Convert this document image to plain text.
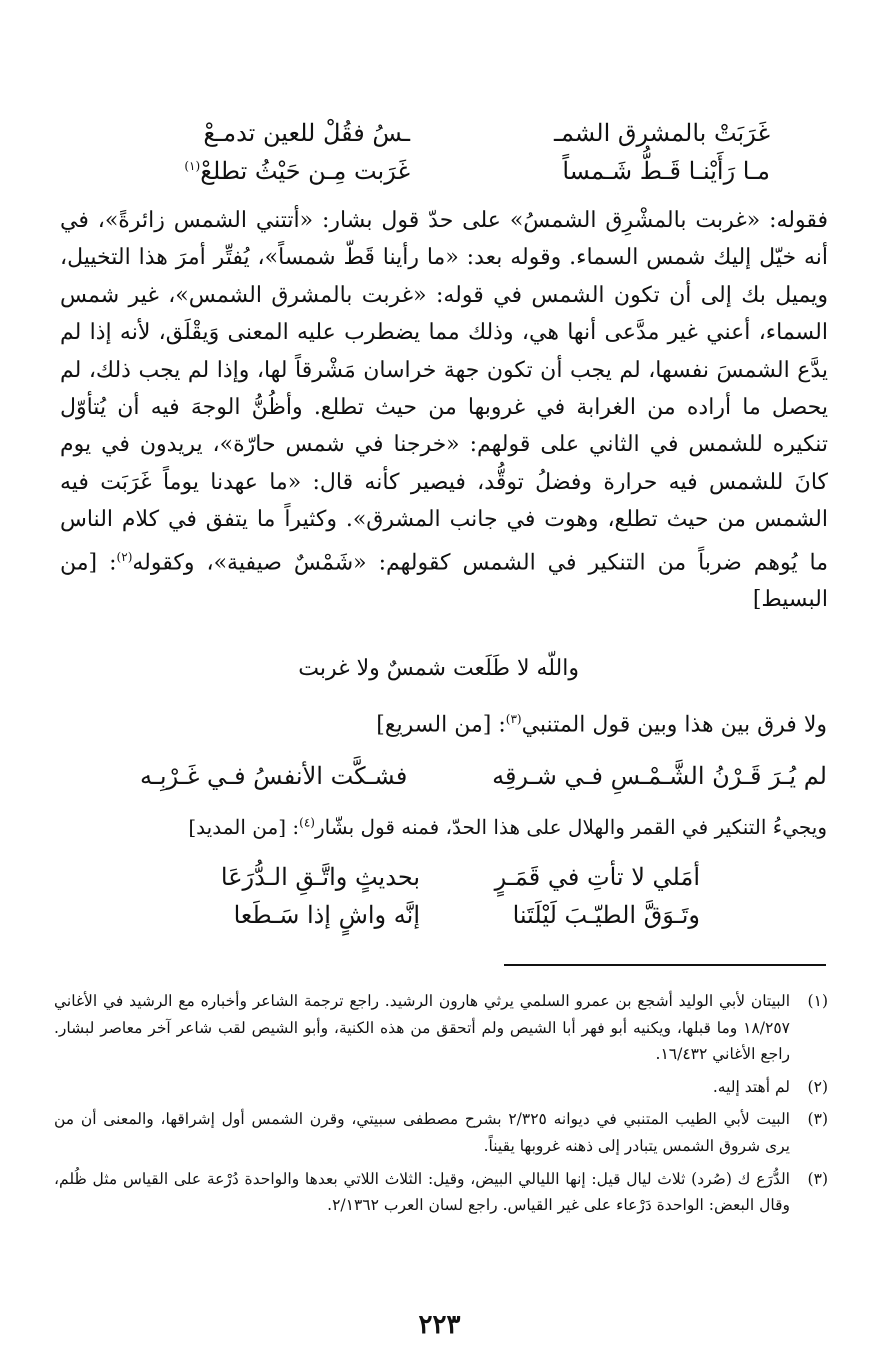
غَرَبَتْ بالمشرق الشمـ
ـسُ فقُلْ للعين تدمـعْ
مـا رَأَيْنـا قَـطُّ شَـمساً
غَرَبت مِـن حَيْثُ تطلعْ$^{(١)}$
فقوله: «غربت بالمشْرِق الشمسُ» على حدّ قول بشار: «أتتني الشمس زائرةً»، في أنه خيّل إليك شمس السماء. وقوله بعد: «ما رأينا قَطّ شمساً»، يُفتِّر أمرَ هذا التخييل، ويميل بك إلى أن تكون الشمس في قوله: «غربت بالمشرق الشمس»، غير شمس السماء، أعني غير مدَّعى أنها هي، وذلك مما يضطرب عليه المعنى وَيقْلَق، لأنه إذا لم يدَّع الشمسَ نفسها، لم يجب أن تكون جهة خراسان مَشْرقاً لها، وإذا لم يجب ذلك، لم يحصل ما أراده من الغرابة في غروبها من حيث تطلع. وأظُنُّ الوجهَ فيه أن يُتأوّل تنكيره للشمس في الثاني على قولهم: «خرجنا في شمس حارّة»، يريدون في يوم كانَ للشمس فيه حرارة وفضلُ توقُّد، فيصير كأنه قال: «ما عهدنا يوماً غَرَبَت فيه الشمس من حيث تطلع، وهوت في جانب المشرق». وكثيراً ما يتفق في كلام الناس ما يُوهم ضرباً من التنكير في الشمس كقولهم: «شَمْسٌ صيفية»، وكقوله$^{(٢)}$: [من البسيط]
واللّه لا طَلَعت شمسٌ ولا غربت
ولا فرق بين هذا وبين قول المتنبي$^{(٣)}$: [من السريع]
لم يُـرَ قَـرْنُ الشَّـمْـسِ فـي شـرقِه
فشـكَّت الأنفسُ فـي غَـرْبِـه
ويجيءُ التنكير في القمر والهلال على هذا الحدّ، فمنه قول بشّار$^{(٤)}$: [من المديد]
أمَلي لا تأتِ في قَمَـرٍ
بحديثٍ واتَّـقِ الـدُّرَعَا
وتَـوَقَّ الطيّـبَ لَيْلَتَنا
إنَّه واشٍ إذا سَـطَعا
(١)
البيتان لأبي الوليد أشجع بن عمرو السلمي يرثي هارون الرشيد. راجع ترجمة الشاعر وأخباره مع الرشيد في الأغاني ١٨/٢٥٧ وما قبلها، ويكنيه أبو فهر أبا الشيص ولم أتحقق من هذه الكنية، وأبو الشيص لقب شاعر آخر معاصر لبشار. راجع الأغاني ١٦/٤٣٢.
(٢)
لم أهتد إليه.
(٣)
البيت لأبي الطيب المتنبي في ديوانه ٢/٣٢٥ بشرح مصطفى سبيتي، وقرن الشمس أول إشراقها، والمعنى أن من يرى شروق الشمس يتبادر إلى ذهنه غروبها يقيناً.
(٣)
الدُّرَع ك (صُرد) ثلاث ليال قيل: إنها الليالي البيض، وقيل: الثلاث اللاتي بعدها والواحدة دُرْعة على القياس مثل ظُلم، وقال البعض: الواحدة دَرْعاء على غير القياس. راجع لسان العرب ٢/١٣٦٢.
٢٢٣
